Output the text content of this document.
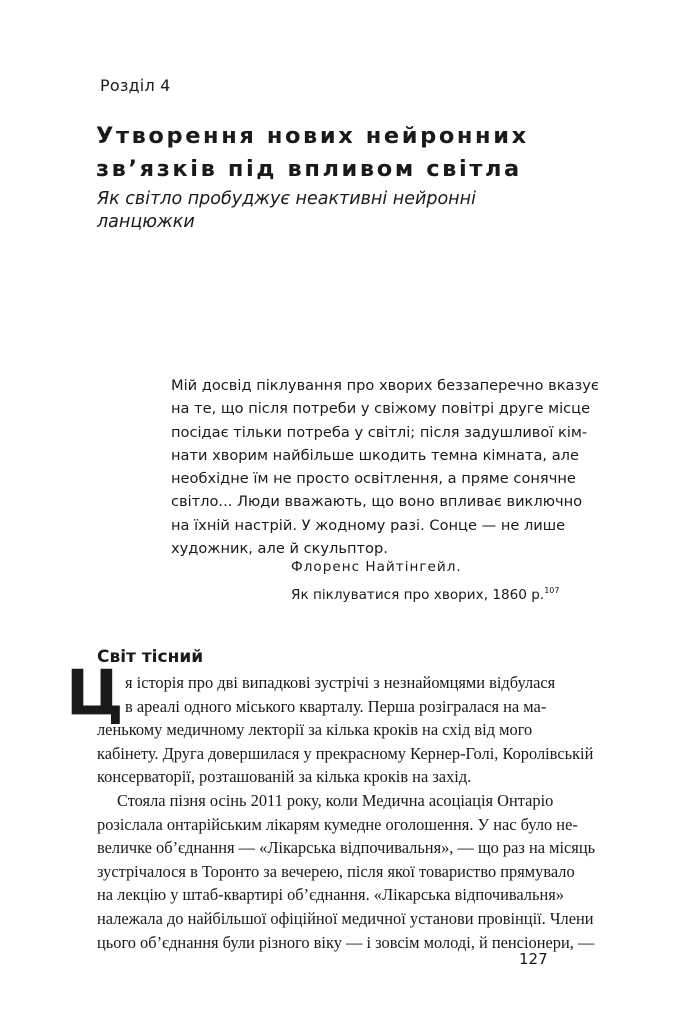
Розділ 4
Утворення нових нейронних
зв’язків під впливом світла
Як світло пробуджує неактивні нейронні ланцюжки
Мій досвід піклування про хворих беззаперечно вказує
на те, що після потреби у свіжому повітрі друге місце
посідає тільки потреба у світлі; після задушливої кім-
нати хворим найбільше шкодить темна кімната, але
необхідне їм не просто освітлення, а пряме сонячне
світло... Люди вважають, що воно впливає виключно
на їхній настрій. У жодному разі. Сонце — не лише
художник, але й скульптор.
Флоренс Найтінгейл.
Як піклуватися про хворих, 1860 р.$^{107}$
Світ тісний
Ц я історія про дві випадкові зустрічі з незнайомцями відбулася
в ареалі одного міського кварталу. Перша розігралася на ма-
ленькому медичному лекторії за кілька кроків на схід від мого
кабінету. Друга довершилася у прекрасному Кернер-Голі, Королівській
консерваторії, розташованій за кілька кроків на захід.
Стояла пізня осінь 2011 року, коли Медична асоціація Онтаріо
розіслала онтарійським лікарям кумедне оголошення. У нас було не-
величке об’єднання — «Лікарська відпочивальня», — що раз на місяць
зустрічалося в Торонто за вечерею, після якої товариство прямувало
на лекцію у штаб-квартирі об’єднання. «Лікарська відпочивальня»
належала до найбільшої офіційної медичної установи провінції. Члени
цього об’єднання були різного віку — і зовсім молоді, й пенсіонери, —
127
